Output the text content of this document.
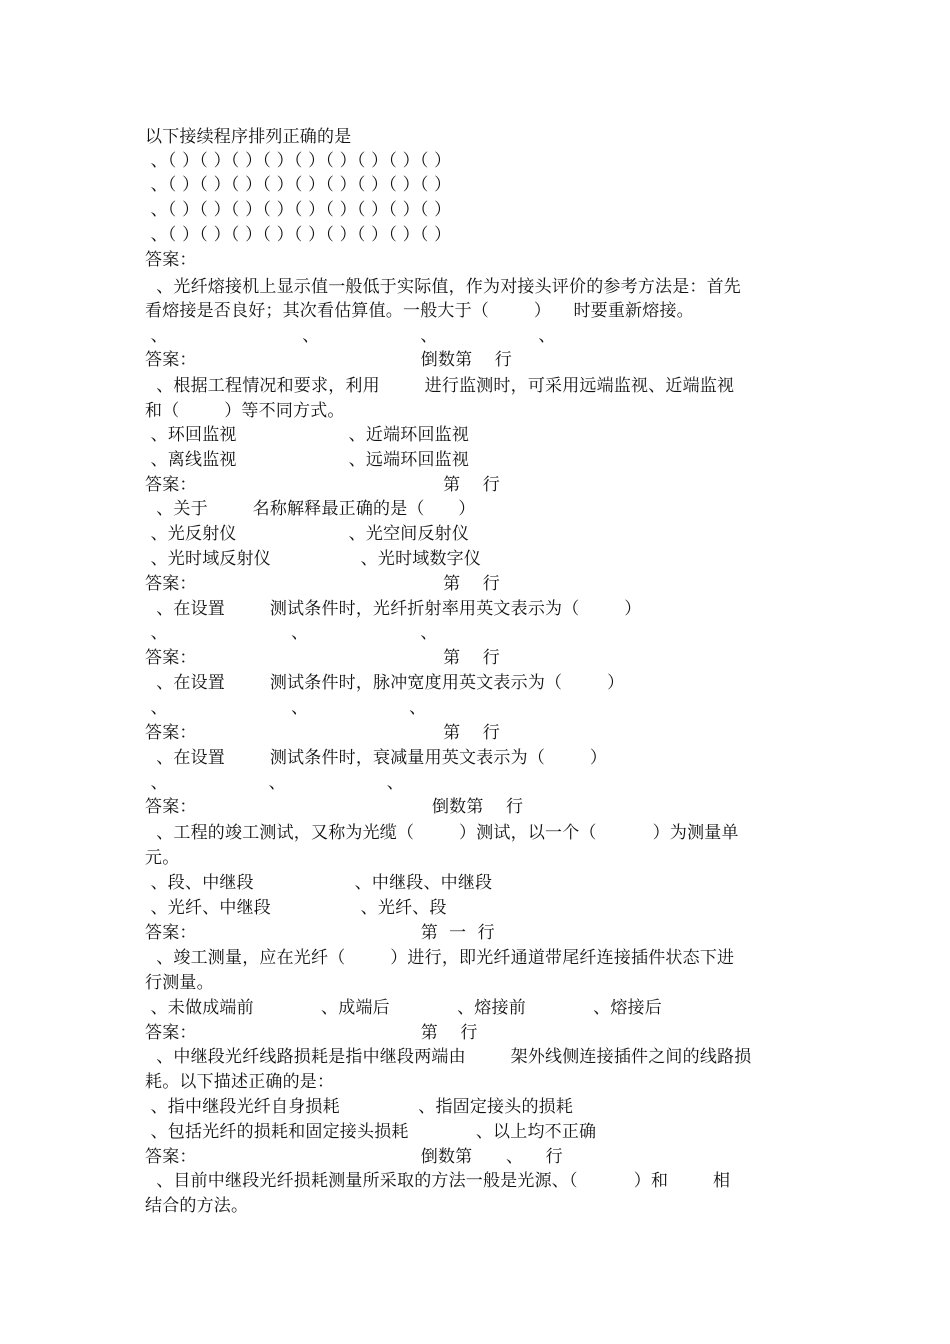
以下接续程序排列正确的是
、（ ）（ ）（ ）（ ）（ ）（ ）（ ）（ ）（ ）
、（ ）（ ）（ ）（ ）（ ）（ ）（ ）（ ）（ ）
、（ ）（ ）（ ）（ ）（ ）（ ）（ ）（ ）（ ）
、（ ）（ ）（ ）（ ）（ ）（ ）（ ）（ ）（ ）
答案：
、光纤熔接机上显示值一般低于实际值，作为对接头评价的参考方法是：首先
看熔接是否良好；其次看估算值。一般大于（        ）    时要重新熔接。
、                        、                  、                  、
答案：                                        倒数第    行
、根据工程情况和要求，利用        进行监测时，可采用远端监视、近端监视
和（        ）等不同方式。
、环回监视                    、近端环回监视
、离线监视                    、远端环回监视
答案：                                            第    行
、关于        名称解释最正确的是（      ）
、光反射仪                    、光空间反射仪
、光时域反射仪                、光时域数字仪
答案：                                            第    行
、在设置        测试条件时，光纤折射率用英文表示为（        ）
、                      、                    、
答案：                                            第    行
、在设置        测试条件时，脉冲宽度用英文表示为（        ）
、                      、                  、
答案：                                            第    行
、在设置        测试条件时，衰减量用英文表示为（        ）
、                  、                  、
答案：                                          倒数第    行
、工程的竣工测试，又称为光缆（        ）测试，以一个（          ）为测量单
元。
、段、中继段                  、中继段、中继段
、光纤、中继段                、光纤、段
答案：                                        第  一  行
、竣工测量，应在光纤（        ）进行，即光纤通道带尾纤连接插件状态下进
行测量。
、未做成端前            、成端后            、熔接前            、熔接后
答案：                                        第    行
、中继段光纤线路损耗是指中继段两端由        架外线侧连接插件之间的线路损
耗。以下描述正确的是：
、指中继段光纤自身损耗              、指固定接头的损耗
、包括光纤的损耗和固定接头损耗            、以上均不正确
答案：                                        倒数第      、    行
、目前中继段光纤损耗测量所采取的方法一般是光源、（          ）和        相
结合的方法。
